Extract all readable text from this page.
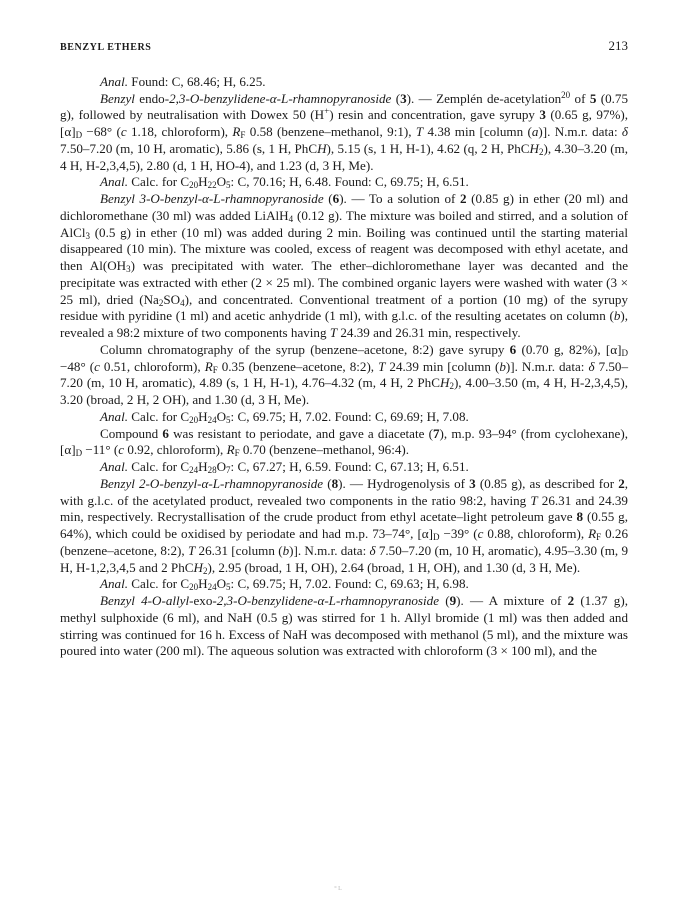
BENZYL ETHERS	213

Anal. Found: C, 68.46; H, 6.25.

Benzyl endo-2,3-O-benzylidene-α-L-rhamnopyranoside (3). — Zemplén de-acetylation$^{20}$ of 5 (0.75 g), followed by neutralisation with Dowex 50 (H+) resin and concentration, gave syrupy 3 (0.65 g, 97%), $[\alpha]_D -68^\circ$ (c 1.18, chloroform), $R_F$ 0.58 (benzene–methanol, 9:1), T 4.38 min [column (a)]. N.m.r. data: δ 7.50–7.20 (m, 10 H, aromatic), 5.86 (s, 1 H, PhCH), 5.15 (s, 1 H, H-1), 4.62 (q, 2 H, PhCH$_2$), 4.30–3.20 (m, 4 H, H-2,3,4,5), 2.80 (d, 1 H, HO-4), and 1.23 (d, 3 H, Me).

Anal. Calc. for $C_{20}H_{22}O_5$: C, 70.16; H, 6.48. Found: C, 69.75; H, 6.51.

Benzyl 3-O-benzyl-α-L-rhamnopyranoside (6). — To a solution of 2 (0.85 g) in ether (20 ml) and dichloromethane (30 ml) was added LiAlH$_4$ (0.12 g). The mixture was boiled and stirred, and a solution of AlCl$_3$ (0.5 g) in ether (10 ml) was added during 2 min. Boiling was continued until the starting material disappeared (10 min). The mixture was cooled, excess of reagent was decomposed with ethyl acetate, and then $Al(OH_3)$ was precipitated with water. The ether–dichloromethane layer was decanted and the precipitate was extracted with ether (2 × 25 ml). The combined organic layers were washed with water (3 × 25 ml), dried $(Na_2SO_4)$, and concentrated. Conventional treatment of a portion (10 mg) of the syrupy residue with pyridine (1 ml) and acetic anhydride (1 ml), with g.l.c. of the resulting acetates on column (b), revealed a 98:2 mixture of two components having T 24.39 and 26.31 min, respectively.

Column chromatography of the syrup (benzene–acetone, 8:2) gave syrupy 6 (0.70 g, 82%), $[\alpha]_D -48^\circ$ (c 0.51, chloroform), $R_F$ 0.35 (benzene–acetone, 8:2), T 24.39 min [column (b)]. N.m.r. data: δ 7.50–7.20 (m, 10 H, aromatic), 4.89 (s, 1 H, H-1), 4.76–4.32 (m, 4 H, 2 PhCH$_2$), 4.00–3.50 (m, 4 H, H-2,3,4,5), 3.20 (broad, 2 H, 2 OH), and 1.30 (d, 3 H, Me).

Anal. Calc. for $C_{20}H_{24}O_5$: C, 69.75; H, 7.02. Found: C, 69.69; H, 7.08.

Compound 6 was resistant to periodate, and gave a diacetate (7), m.p. 93–94° (from cyclohexane), $[\alpha]_D -11^\circ$ (c 0.92, chloroform), $R_F$ 0.70 (benzene–methanol, 96:4).

Anal. Calc. for $C_{24}H_{28}O_7$: C, 67.27; H, 6.59. Found: C, 67.13; H, 6.51.

Benzyl 2-O-benzyl-α-L-rhamnopyranoside (8). — Hydrogenolysis of 3 (0.85 g), as described for 2, with g.l.c. of the acetylated product, revealed two components in the ratio 98:2, having T 26.31 and 24.39 min, respectively. Recrystallisation of the crude product from ethyl acetate–light petroleum gave 8 (0.55 g, 64%), which could be oxidised by periodate and had m.p. 73–74°, $[\alpha]_D -39^\circ$ (c 0.88, chloroform), $R_F$ 0.26 (benzene–acetone, 8:2), T 26.31 [column (b)]. N.m.r. data: δ 7.50–7.20 (m, 10 H, aromatic), 4.95–3.30 (m, 9 H, H-1,2,3,4,5 and 2 PhCH$_2$), 2.95 (broad, 1 H, OH), 2.64 (broad, 1 H, OH), and 1.30 (d, 3 H, Me).

Anal. Calc. for $C_{20}H_{24}O_5$: C, 69.75; H, 7.02. Found: C, 69.63; H, 6.98.

Benzyl 4-O-allyl-exo-2,3-O-benzylidene-α-L-rhamnopyranoside (9). — A mixture of 2 (1.37 g), methyl sulphoxide (6 ml), and NaH (0.5 g) was stirred for 1 h. Allyl bromide (1 ml) was then added and stirring was continued for 16 h. Excess of NaH was decomposed with methanol (5 ml), and the mixture was poured into water (200 ml). The aqueous solution was extracted with chloroform (3 × 100 ml), and the

° L
